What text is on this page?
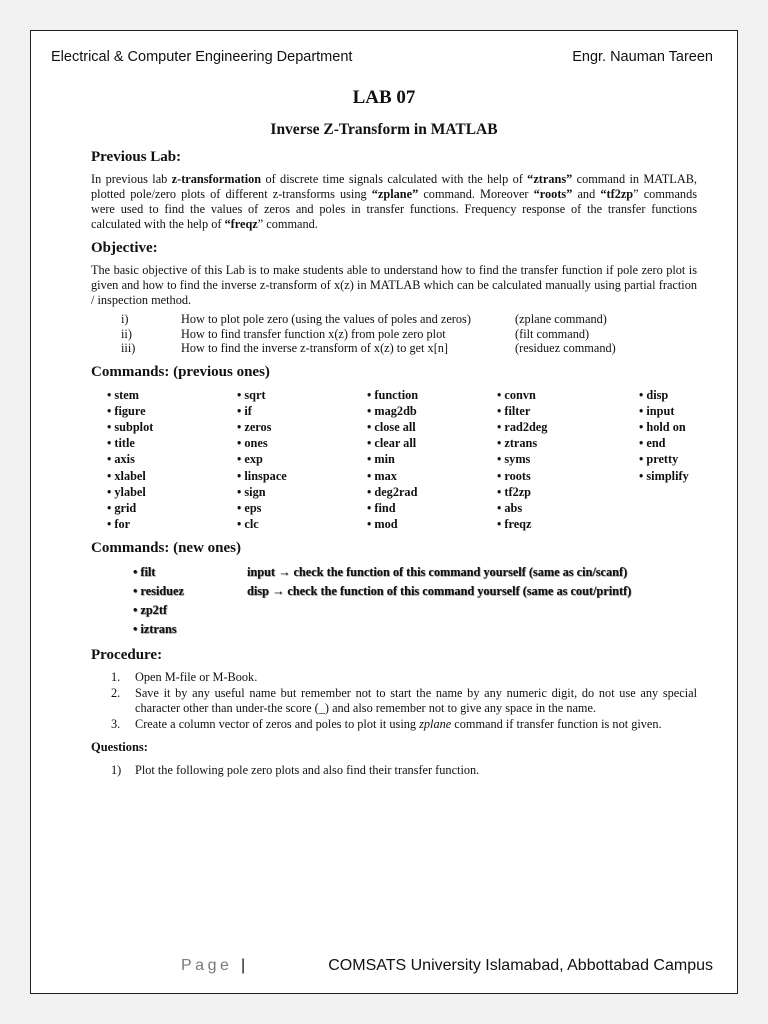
Electrical & Computer Engineering Department	Engr. Nauman Tareen
LAB 07
Inverse Z-Transform in MATLAB
Previous Lab:

In previous lab z-transformation of discrete time signals calculated with the help of “ztrans” command in MATLAB, plotted pole/zero plots of different z-transforms using “zplane” command. Moreover “roots” and “tf2zp” commands were used to find the values of zeros and poles in transfer functions. Frequency response of the transfer functions calculated with the help of “freqz” command.

Objective:

The basic objective of this Lab is to make students able to understand how to find the transfer function if pole zero plot is given and how to find the inverse z-transform of x(z) in MATLAB which can be calculated manually using partial fraction / inspection method.

i)	How to plot pole zero (using the values of poles and zeros)	(zplane command)
ii)	How to find transfer function x(z) from pole zero plot	(filt command)
iii)	How to find the inverse z-transform of x(z) to get x[n]	(residuez command)
Commands: (previous ones)
• stem	• sqrt	• function	• convn	• disp
• figure	• if	• mag2db	• filter	• input
• subplot	• zeros	• close all	• rad2deg	• hold on
• title	• ones	• clear all	• ztrans	• end
• axis	• exp	• min	• syms	• pretty
• xlabel	• linspace	• max	• roots	• simplify
• ylabel	• sign	• deg2rad	• tf2zp
• grid	• eps	• find	• abs
• for	• clc	• mod	• freqz
Commands: (new ones)
• filt	input → check the function of this command yourself (same as cin/scanf)
• residuez	disp → check the function of this command yourself (same as cout/printf)
• zp2tf
• iztrans
Procedure:
1.	Open M-file or M-Book.
2.	Save it by any useful name but remember not to start the name by any numeric digit, do not use any special character other than under-the score (_) and also remember not to give any space in the name.
3.	Create a column vector of zeros and poles to plot it using zplane command if transfer function is not given.
Questions:
1)	Plot the following pole zero plots and also find their transfer function.
Page |	COMSATS University Islamabad, Abbottabad Campus
